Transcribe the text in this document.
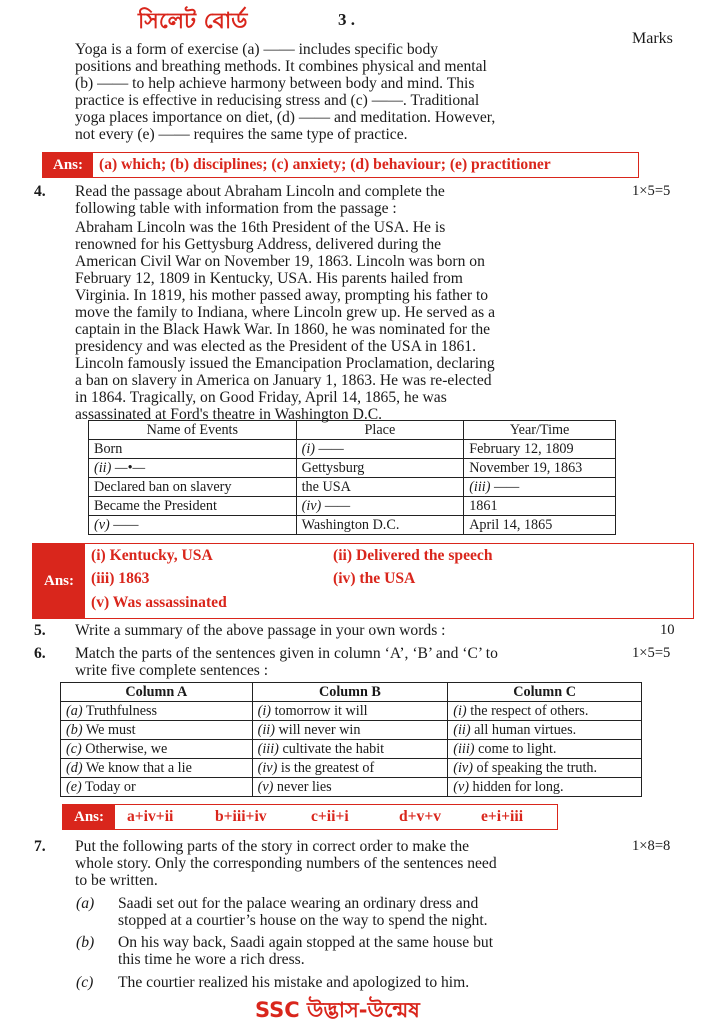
সিলেট বোর্ড	3 .
Marks
Yoga is a form of exercise (a) —— includes specific body
positions and breathing methods. It combines physical and mental
(b) —— to help achieve harmony between body and mind. This
practice is effective in reducising stress and (c) ——. Traditional
yoga places importance on diet, (d) —— and meditation. However,
not every (e) —— requires the same type of practice.
Ans:	(a) which; (b) disciplines; (c) anxiety; (d) behaviour; (e) practitioner
4.	1×5=5
Read the passage about Abraham Lincoln and complete the
following table with information from the passage :
Abraham Lincoln was the 16th President of the USA. He is
renowned for his Gettysburg Address, delivered during the
American Civil War on November 19, 1863. Lincoln was born on
February 12, 1809 in Kentucky, USA. His parents hailed from
Virginia. In 1819, his mother passed away, prompting his father to
move the family to Indiana, where Lincoln grew up. He served as a
captain in the Black Hawk War. In 1860, he was nominated for the
presidency and was elected as the President of the USA in 1861.
Lincoln famously issued the Emancipation Proclamation, declaring
a ban on slavery in America on January 1, 1863. He was re-elected
in 1864. Tragically, on Good Friday, April 14, 1865, he was
assassinated at Ford's theatre in Washington D.C.
Name of Events	Place	Year/Time
Born	(i) ——	February 12, 1809
(ii) —•—	Gettysburg	November 19, 1863
Declared ban on slavery	the USA	(iii) ——
Became the President	(iv) ——	1861
(v) ——	Washington D.C.	April 14, 1865
Ans:
(i) Kentucky, USA	(ii) Delivered the speech
(iii) 1863	(iv) the USA
(v) Was assassinated
5. Write a summary of the above passage in your own words :	10
6.	1×5=5
Match the parts of the sentences given in column ‘A’, ‘B’ and ‘C’ to
write five complete sentences :
Column A	Column B	Column C
(a) Truthfulness	(i) tomorrow it will	(i) the respect of others.
(b) We must	(ii) will never win	(ii) all human virtues.
(c) Otherwise, we	(iii) cultivate the habit	(iii) come to light.
(d) We know that a lie	(iv) is the greatest of	(iv) of speaking the truth.
(e) Today or	(v) never lies	(v) hidden for long.
Ans:	a+iv+ii	b+iii+iv	c+ii+i	d+v+v	e+i+iii
7.	1×8=8
Put the following parts of the story in correct order to make the
whole story. Only the corresponding numbers of the sentences need
to be written.
(a) Saadi set out for the palace wearing an ordinary dress and
stopped at a courtier’s house on the way to spend the night.
(b) On his way back, Saadi again stopped at the same house but
this time he wore a rich dress.
(c) The courtier realized his mistake and apologized to him.
SSC উদ্ভাস-উন্মেষ
